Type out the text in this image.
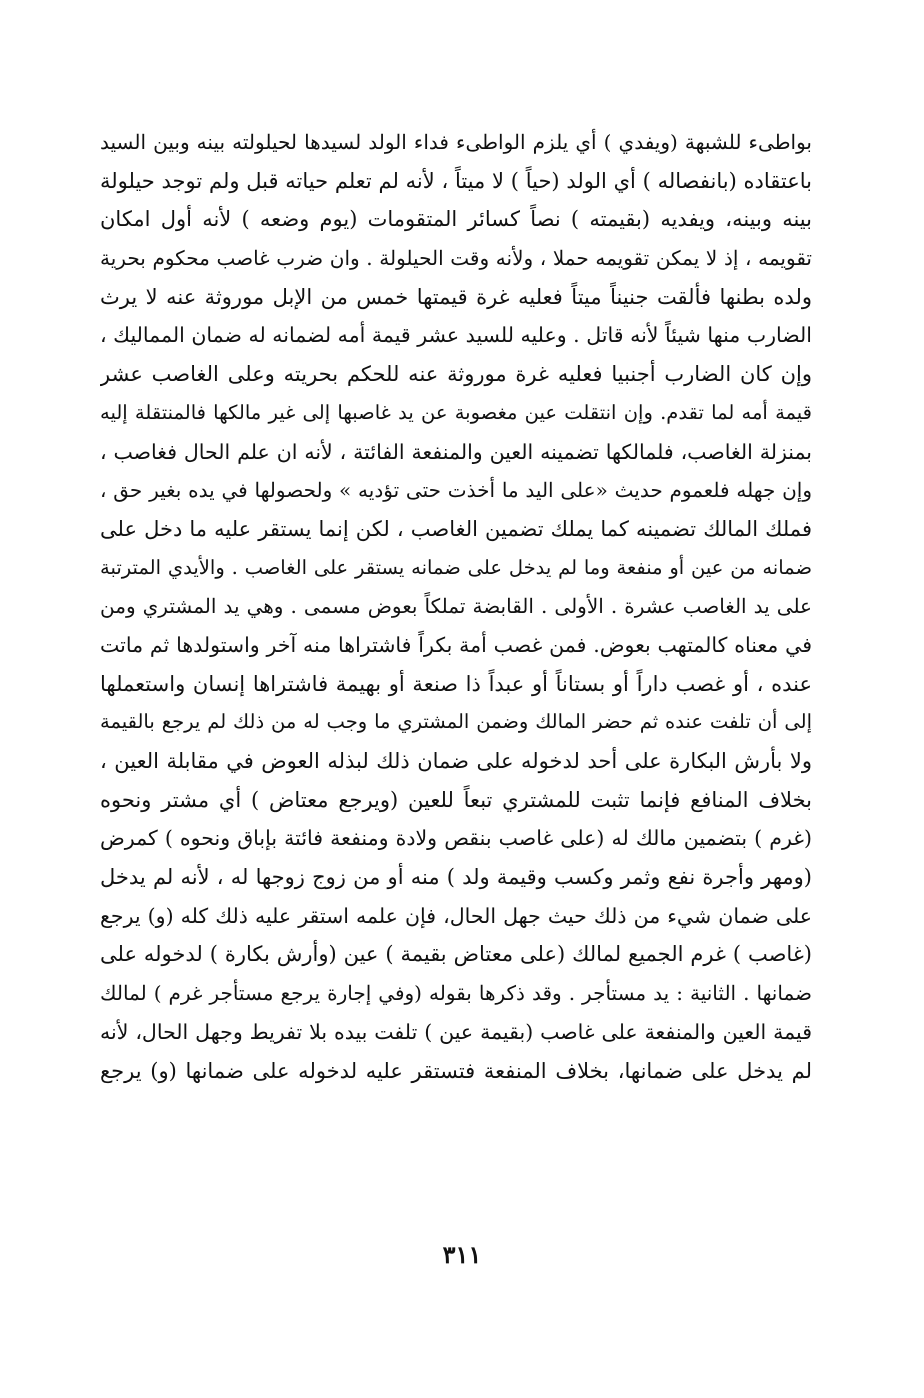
بواطىء للشبهة (ويفدي ) أي يلزم الواطىء فداء الولد لسيدها لحيلولته بينه وبين السيد
باعتقاده (بانفصاله ) أي الولد (حياً ) لا ميتاً ، لأنه لم تعلم حياته قبل ولم توجد حيلولة
بينه وبينه، ويفديه (بقيمته ) نصاً كسائر المتقومات (يوم وضعه ) لأنه أول امكان
تقويمه ، إذ لا يمكن تقويمه حملا ، ولأنه وقت الحيلولة . وان ضرب غاصب محكوم بحرية
ولده بطنها فألقت جنيناً ميتاً فعليه غرة قيمتها خمس من الإبل موروثة عنه لا يرث
الضارب منها شيئاً لأنه قاتل . وعليه للسيد عشر قيمة أمه لضمانه له ضمان المماليك ،
وإن كان الضارب أجنبيا فعليه غرة موروثة عنه للحكم بحريته وعلى الغاصب عشر
قيمة أمه لما تقدم. وإن انتقلت عين مغصوبة عن يد غاصبها إلى غير مالكها فالمنتقلة إليه
بمنزلة الغاصب، فلمالكها تضمينه العين والمنفعة الفائتة ، لأنه ان علم الحال فغاصب ،
وإن جهله فلعموم حديث «على اليد ما أخذت حتى تؤديه » ولحصولها في يده بغير حق ،
فملك المالك تضمينه كما يملك تضمين الغاصب ، لكن إنما يستقر عليه ما دخل على
ضمانه من عين أو منفعة وما لم يدخل على ضمانه يستقر على الغاصب . والأيدي المترتبة
على يد الغاصب عشرة . الأولى . القابضة تملكاً بعوض مسمى . وهي يد المشتري ومن
في معناه كالمتهب بعوض. فمن غصب أمة بكراً فاشتراها منه آخر واستولدها ثم ماتت
عنده ، أو غصب داراً أو بستاناً أو عبداً ذا صنعة أو بهيمة فاشتراها إنسان واستعملها
إلى أن تلفت عنده ثم حضر المالك وضمن المشتري ما وجب له من ذلك لم يرجع بالقيمة
ولا بأرش البكارة على أحد لدخوله على ضمان ذلك لبذله العوض في مقابلة العين ،
بخلاف المنافع فإنما تثبت للمشتري تبعاً للعين (ويرجع معتاض ) أي مشتر ونحوه
(غرم ) بتضمين مالك له (على غاصب بنقص ولادة ومنفعة فائتة بإباق ونحوه ) كمرض
(ومهر وأجرة نفع وثمر وكسب وقيمة ولد ) منه أو من زوج زوجها له ، لأنه لم يدخل
على ضمان شيء من ذلك حيث جهل الحال، فإن علمه استقر عليه ذلك كله (و) يرجع
(غاصب ) غرم الجميع لمالك (على معتاض بقيمة ) عين (وأرش بكارة ) لدخوله على
ضمانها . الثانية : يد مستأجر . وقد ذكرها بقوله (وفي إجارة يرجع مستأجر غرم ) لمالك
قيمة العين والمنفعة على غاصب (بقيمة عين ) تلفت بيده بلا تفريط وجهل الحال، لأنه
لم يدخل على ضمانها، بخلاف المنفعة فتستقر عليه لدخوله على ضمانها (و) يرجع
٣١١
